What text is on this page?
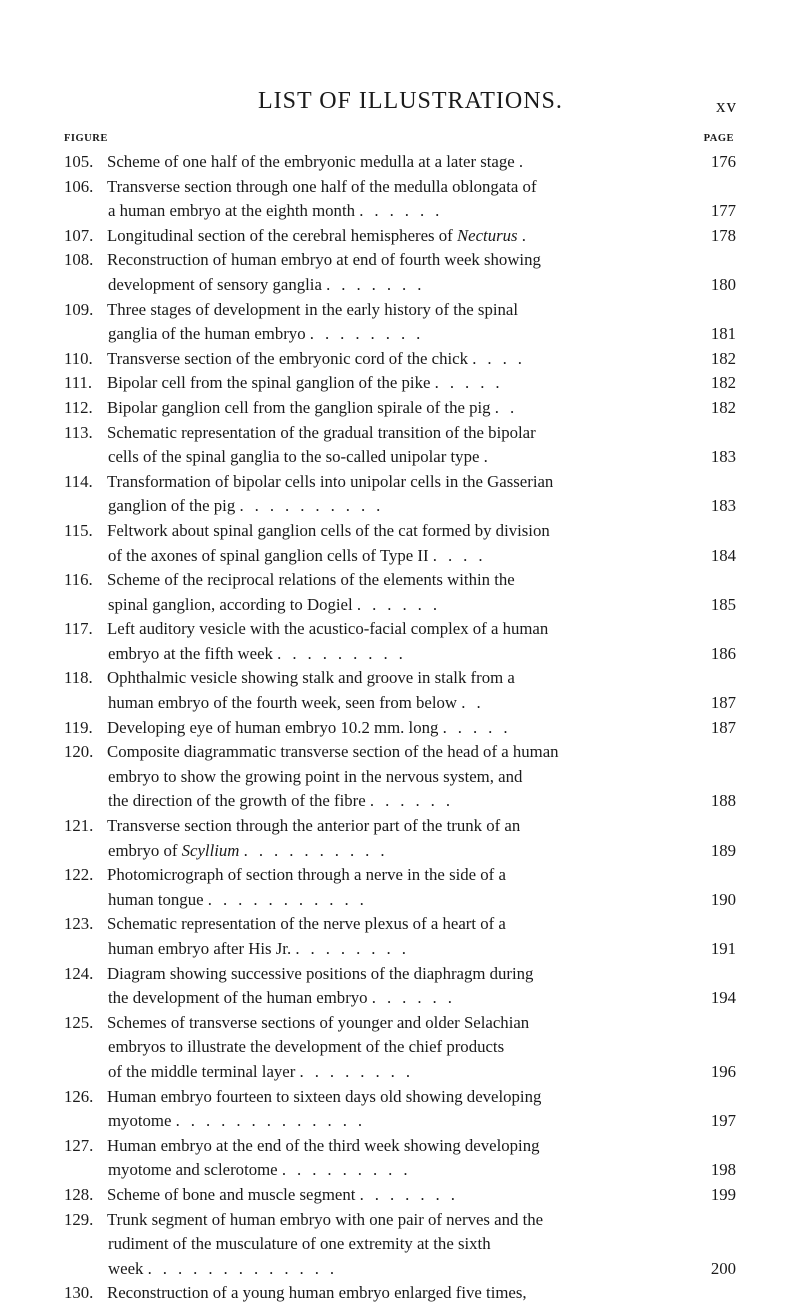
LIST OF ILLUSTRATIONS.	xv
FIGURE	PAGE
105. Scheme of one half of the embryonic medulla at a later stage .	176
106. Transverse section through one half of the medulla oblongata of
a human embryo at the eighth month . . . . . .	177
107. Longitudinal section of the cerebral hemispheres of Necturus .	178
108. Reconstruction of human embryo at end of fourth week showing
development of sensory ganglia . . . . . . .	180
109. Three stages of development in the early history of the spinal
ganglia of the human embryo . . . . . . . .	181
110. Transverse section of the embryonic cord of the chick . . . .	182
111. Bipolar cell from the spinal ganglion of the pike . . . . .	182
112. Bipolar ganglion cell from the ganglion spirale of the pig . .	182
113. Schematic representation of the gradual transition of the bipolar
cells of the spinal ganglia to the so-called unipolar type .	183
114. Transformation of bipolar cells into unipolar cells in the Gasserian
ganglion of the pig . . . . . . . . . .	183
115. Feltwork about spinal ganglion cells of the cat formed by division
of the axones of spinal ganglion cells of Type II . . . .	184
116. Scheme of the reciprocal relations of the elements within the
spinal ganglion, according to Dogiel . . . . . .	185
117. Left auditory vesicle with the acustico-facial complex of a human
embryo at the fifth week . . . . . . . . .	186
118. Ophthalmic vesicle showing stalk and groove in stalk from a
human embryo of the fourth week, seen from below . .	187
119. Developing eye of human embryo 10.2 mm. long . . . . .	187
120. Composite diagrammatic transverse section of the head of a human
embryo to show the growing point in the nervous system, and
the direction of the growth of the fibre . . . . . .	188
121. Transverse section through the anterior part of the trunk of an
embryo of Scyllium . . . . . . . . . .	189
122. Photomicrograph of section through a nerve in the side of a
human tongue . . . . . . . . . . .	190
123. Schematic representation of the nerve plexus of a heart of a
human embryo after His Jr. . . . . . . . .	191
124. Diagram showing successive positions of the diaphragm during
the development of the human embryo . . . . . .	194
125. Schemes of transverse sections of younger and older Selachian
embryos to illustrate the development of the chief products
of the middle terminal layer . . . . . . . .	196
126. Human embryo fourteen to sixteen days old showing developing
myotome . . . . . . . . . . . . .	197
127. Human embryo at the end of the third week showing developing
myotome and sclerotome . . . . . . . . .	198
128. Scheme of bone and muscle segment . . . . . . .	199
129. Trunk segment of human embryo with one pair of nerves and the
rudiment of the musculature of one extremity at the sixth
week . . . . . . . . . . . . .	200
130. Reconstruction of a young human embryo enlarged five times,
